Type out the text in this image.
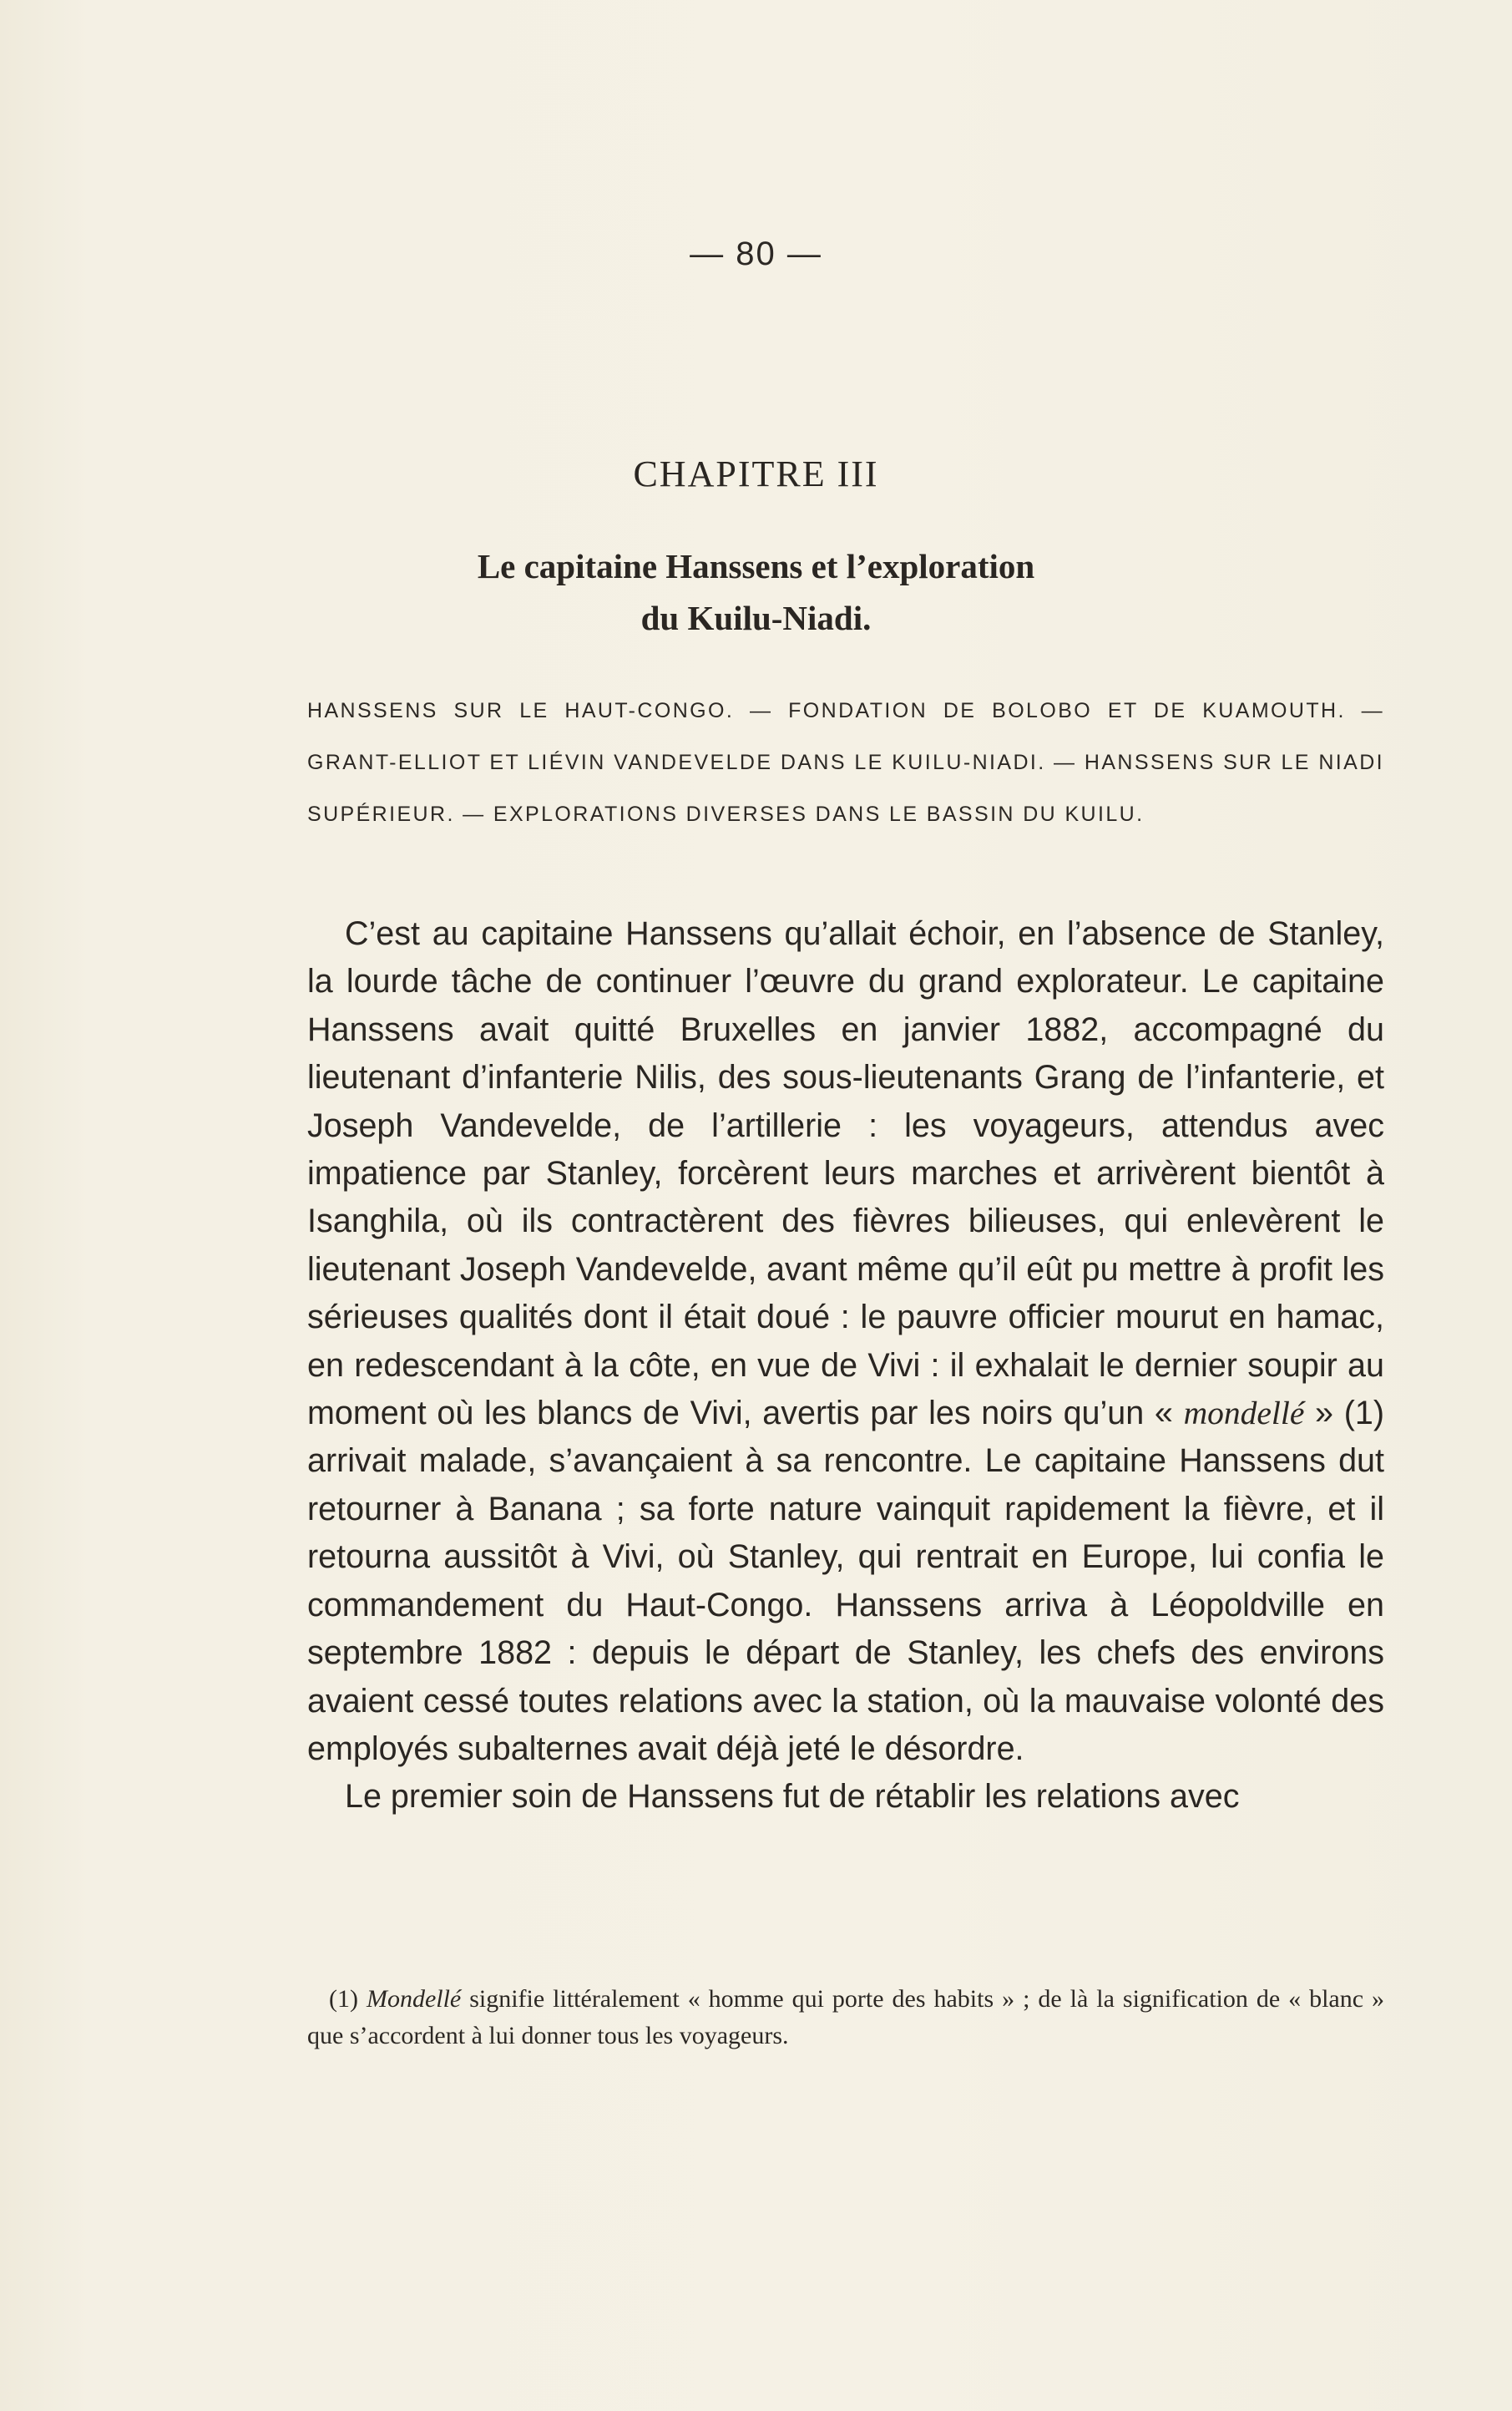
— 80 —
CHAPITRE III
Le capitaine Hanssens et l’exploration
du Kuilu-Niadi.
HANSSENS SUR LE HAUT-CONGO. — FONDATION DE BOLOBO ET DE KUAMOUTH. — GRANT-ELLIOT ET LIÉVIN VANDEVELDE DANS LE KUILU-NIADI. — HANSSENS SUR LE NIADI SUPÉRIEUR. — EXPLORATIONS DIVERSES DANS LE BASSIN DU KUILU.

C’est au capitaine Hanssens qu’allait échoir, en l’absence de Stanley, la lourde tâche de continuer l’œuvre du grand explorateur. Le capitaine Hanssens avait quitté Bruxelles en janvier 1882, accompagné du lieutenant d’infanterie Nilis, des sous-lieutenants Grang de l’infanterie, et Joseph Vandevelde, de l’artillerie : les voyageurs, attendus avec impatience par Stanley, forcèrent leurs marches et arrivèrent bientôt à Isanghila, où ils contractèrent des fièvres bilieuses, qui enlevèrent le lieutenant Joseph Vandevelde, avant même qu’il eût pu mettre à profit les sérieuses qualités dont il était doué : le pauvre officier mourut en hamac, en redescendant à la côte, en vue de Vivi : il exhalait le dernier soupir au moment où les blancs de Vivi, avertis par les noirs qu’un « mondellé » (1) arrivait malade, s’avançaient à sa rencontre. Le capitaine Hanssens dut retourner à Banana ; sa forte nature vainquit rapidement la fièvre, et il retourna aussitôt à Vivi, où Stanley, qui rentrait en Europe, lui confia le commandement du Haut-Congo. Hanssens arriva à Léopoldville en septembre 1882 : depuis le départ de Stanley, les chefs des environs avaient cessé toutes relations avec la station, où la mauvaise volonté des employés subalternes avait déjà jeté le désordre.

Le premier soin de Hanssens fut de rétablir les relations avec

(1) Mondellé signifie littéralement « homme qui porte des habits » ; de là la signification de « blanc » que s’accordent à lui donner tous les voyageurs.
